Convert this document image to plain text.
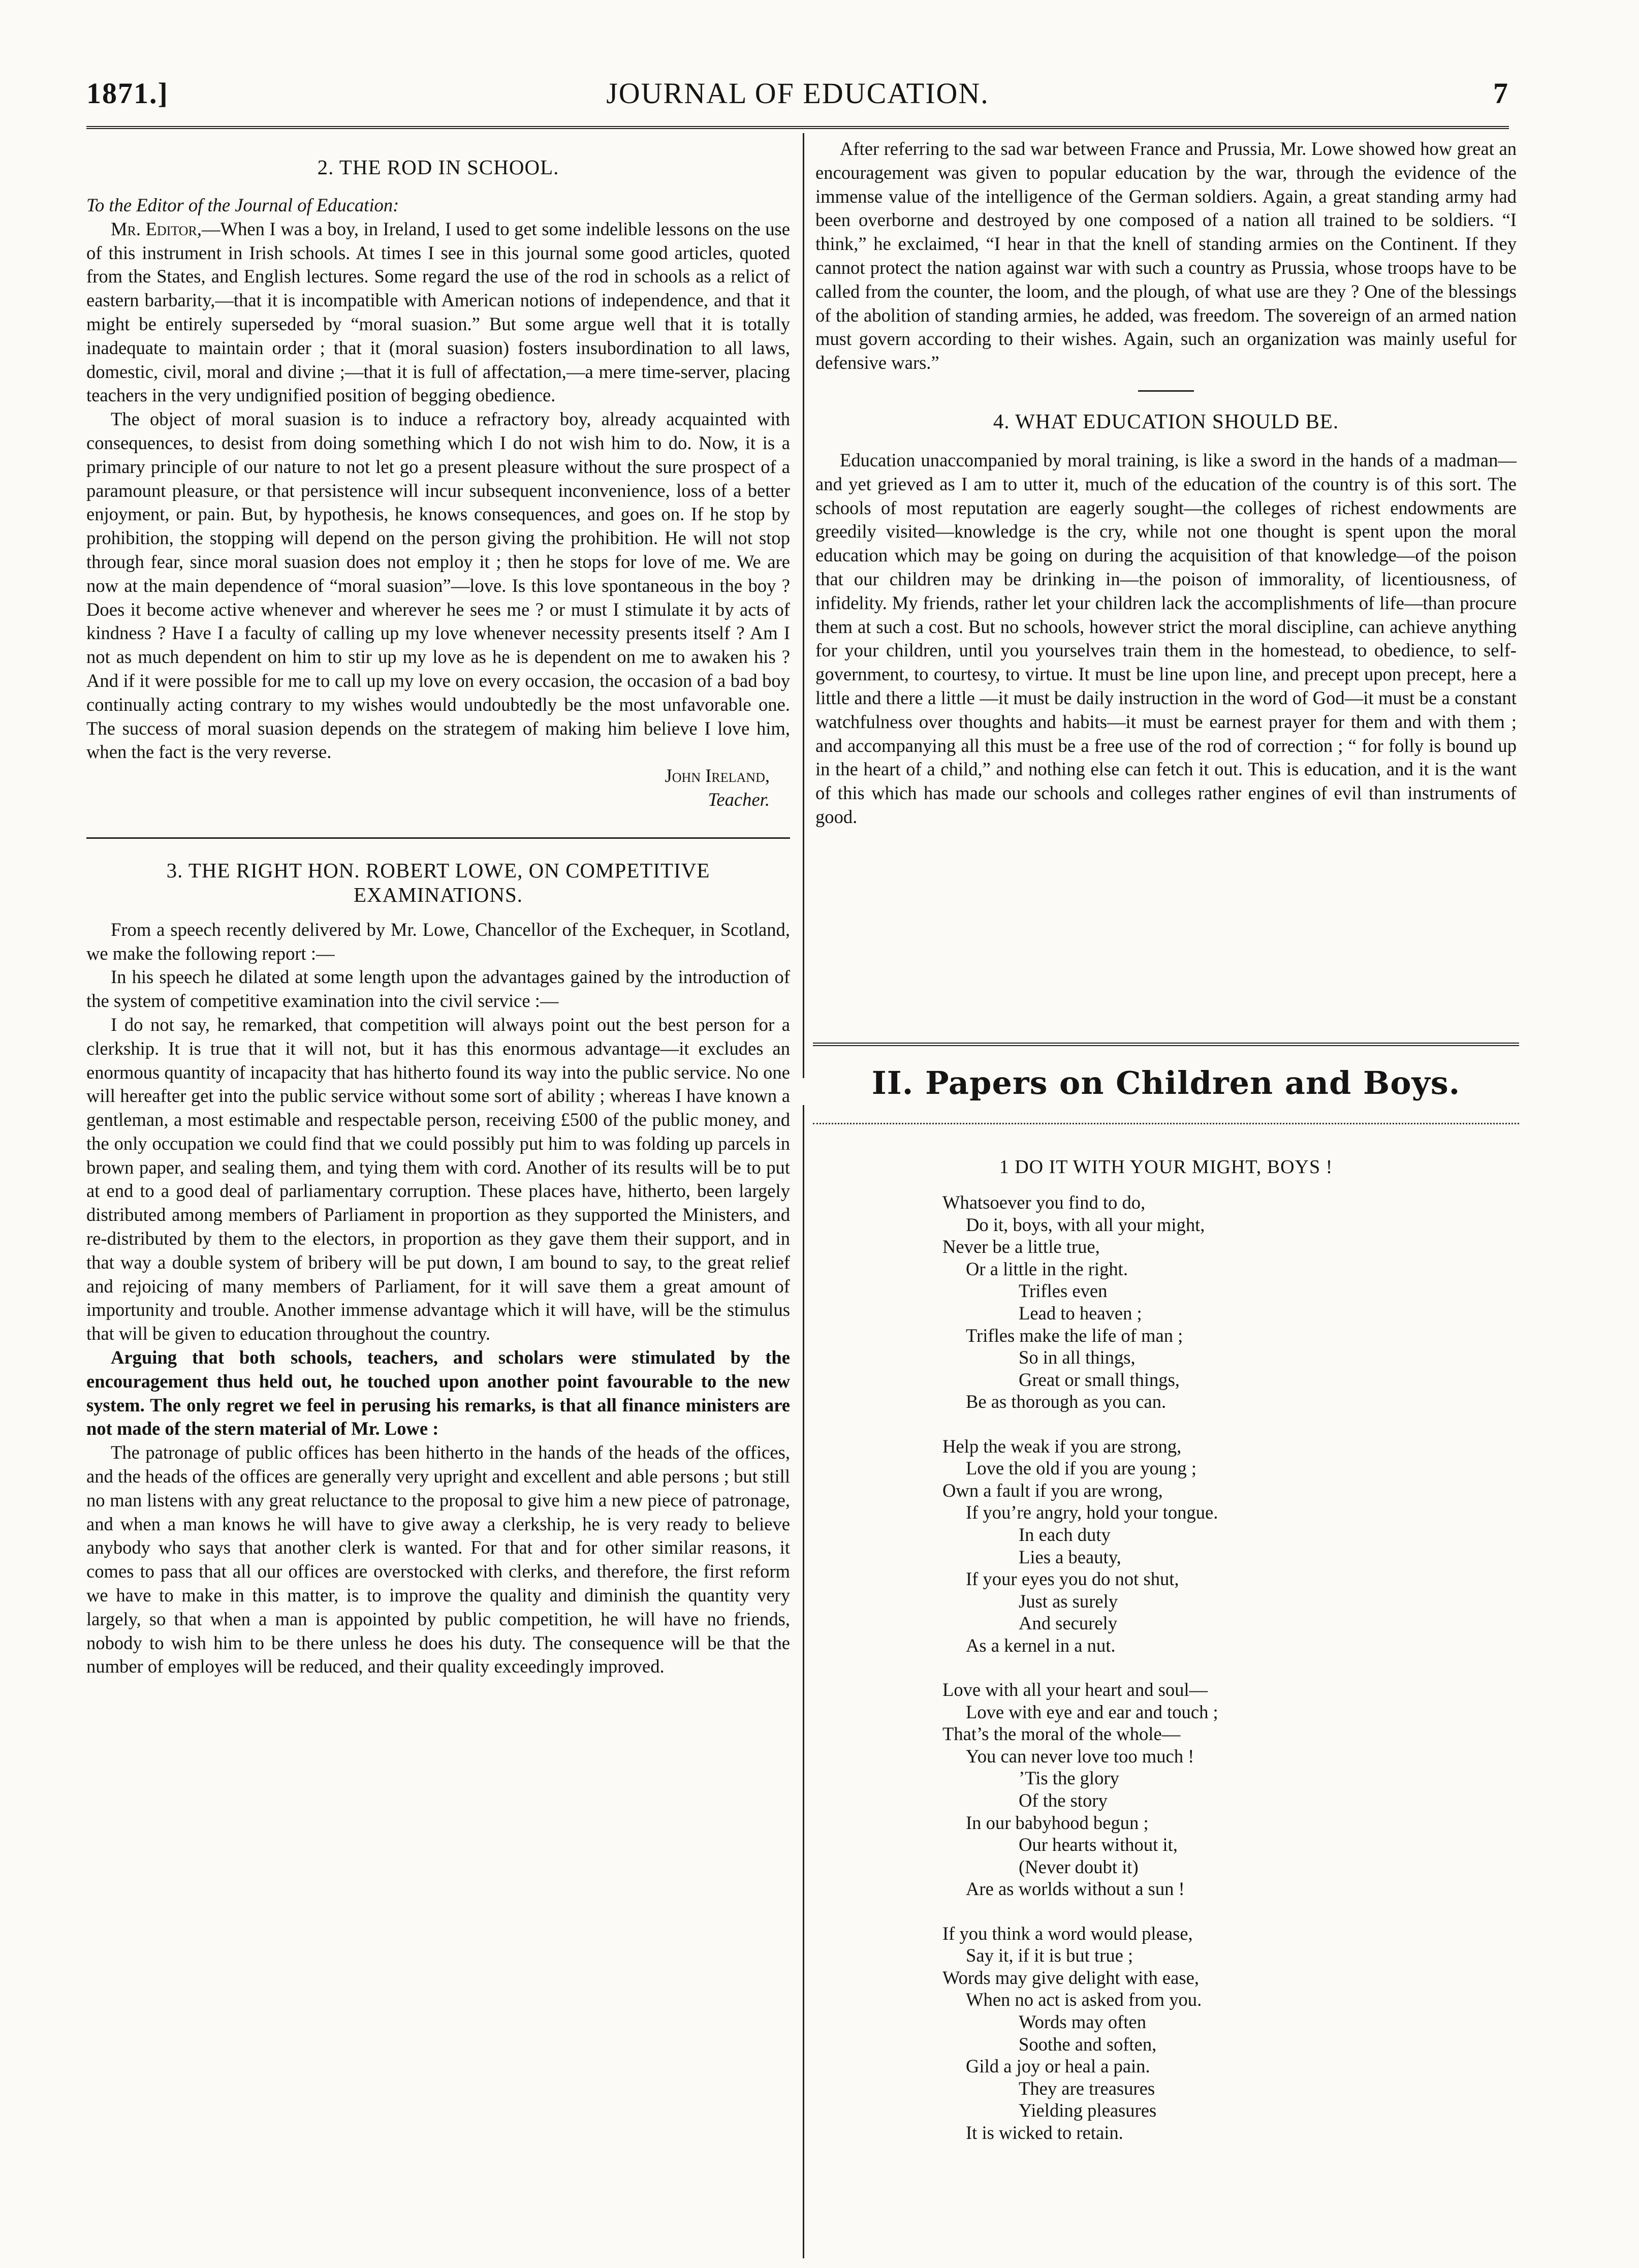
1871.]	JOURNAL OF EDUCATION.	7
2. THE ROD IN SCHOOL.

To the Editor of the Journal of Education:

Mr. Editor,—When I was a boy, in Ireland, I used to get some indelible lessons on the use of this instrument in Irish schools. At times I see in this journal some good articles, quoted from the States, and English lectures. Some regard the use of the rod in schools as a relict of eastern barbarity,—that it is incompatible with American notions of independence, and that it might be entirely superseded by “moral suasion.” But some argue well that it is totally inadequate to maintain order ; that it (moral suasion) fosters insubordination to all laws, domestic, civil, moral and divine ;—that it is full of affectation,—a mere time-server, placing teachers in the very undignified position of begging obedience.

The object of moral suasion is to induce a refractory boy, already acquainted with consequences, to desist from doing something which I do not wish him to do. Now, it is a primary principle of our nature to not let go a present pleasure without the sure prospect of a paramount pleasure, or that persistence will incur subsequent inconvenience, loss of a better enjoyment, or pain. But, by hypothesis, he knows consequences, and goes on. If he stop by prohibition, the stopping will depend on the person giving the prohibition. He will not stop through fear, since moral suasion does not employ it ; then he stops for love of me. We are now at the main dependence of “moral suasion”—love. Is this love spontaneous in the boy ? Does it become active whenever and wherever he sees me ? or must I stimulate it by acts of kindness ? Have I a faculty of calling up my love whenever necessity presents itself ? Am I not as much dependent on him to stir up my love as he is dependent on me to awaken his ? And if it were possible for me to call up my love on every occasion, the occasion of a bad boy continually acting contrary to my wishes would undoubtedly be the most unfavorable one. The success of moral suasion depends on the strategem of making him believe I love him, when the fact is the very reverse.

John Ireland,

Teacher.

3. THE RIGHT HON. ROBERT LOWE, ON COMPETITIVE EXAMINATIONS.

From a speech recently delivered by Mr. Lowe, Chancellor of the Exchequer, in Scotland, we make the following report :—

In his speech he dilated at some length upon the advantages gained by the introduction of the system of competitive examination into the civil service :—

I do not say, he remarked, that competition will always point out the best person for a clerkship. It is true that it will not, but it has this enormous advantage—it excludes an enormous quantity of incapacity that has hitherto found its way into the public service. No one will hereafter get into the public service without some sort of ability ; whereas I have known a gentleman, a most estimable and respectable person, receiving £500 of the public money, and the only occupation we could find that we could possibly put him to was folding up parcels in brown paper, and sealing them, and tying them with cord. Another of its results will be to put at end to a good deal of parliamentary corruption. These places have, hitherto, been largely distributed among members of Parliament in proportion as they supported the Ministers, and re-distributed by them to the electors, in proportion as they gave them their support, and in that way a double system of bribery will be put down, I am bound to say, to the great relief and rejoicing of many members of Parliament, for it will save them a great amount of importunity and trouble. Another immense advantage which it will have, will be the stimulus that will be given to education throughout the country.

Arguing that both schools, teachers, and scholars were stimulated by the encouragement thus held out, he touched upon another point favourable to the new system. The only regret we feel in perusing his remarks, is that all finance ministers are not made of the stern material of Mr. Lowe :

The patronage of public offices has been hitherto in the hands of the heads of the offices, and the heads of the offices are generally very upright and excellent and able persons ; but still no man listens with any great reluctance to the proposal to give him a new piece of patronage, and when a man knows he will have to give away a clerkship, he is very ready to believe anybody who says that another clerk is wanted. For that and for other similar reasons, it comes to pass that all our offices are overstocked with clerks, and therefore, the first reform we have to make in this matter, is to improve the quality and diminish the quantity very largely, so that when a man is appointed by public competition, he will have no friends, nobody to wish him to be there unless he does his duty. The consequence will be that the number of employes will be reduced, and their quality exceedingly improved.

After referring to the sad war between France and Prussia, Mr. Lowe showed how great an encouragement was given to popular education by the war, through the evidence of the immense value of the intelligence of the German soldiers. Again, a great standing army had been overborne and destroyed by one composed of a nation all trained to be soldiers. “I think,” he exclaimed, “I hear in that the knell of standing armies on the Continent. If they cannot protect the nation against war with such a country as Prussia, whose troops have to be called from the counter, the loom, and the plough, of what use are they ? One of the blessings of the abolition of standing armies, he added, was freedom. The sovereign of an armed nation must govern according to their wishes. Again, such an organization was mainly useful for defensive wars.”

4. WHAT EDUCATION SHOULD BE.

Education unaccompanied by moral training, is like a sword in the hands of a madman—and yet grieved as I am to utter it, much of the education of the country is of this sort. The schools of most reputation are eagerly sought—the colleges of richest endowments are greedily visited—knowledge is the cry, while not one thought is spent upon the moral education which may be going on during the acquisition of that knowledge—of the poison that our children may be drinking in—the poison of immorality, of licentiousness, of infidelity. My friends, rather let your children lack the accomplishments of life—than procure them at such a cost. But no schools, however strict the moral discipline, can achieve anything for your children, until you yourselves train them in the homestead, to obedience, to self-government, to courtesy, to virtue. It must be line upon line, and precept upon precept, here a little and there a little —it must be daily instruction in the word of God—it must be a constant watchfulness over thoughts and habits—it must be earnest prayer for them and with them ; and accompanying all this must be a free use of the rod of correction ; “ for folly is bound up in the heart of a child,” and nothing else can fetch it out. This is education, and it is the want of this which has made our schools and colleges rather engines of evil than instruments of good.

II. Papers on Children and Boys.
1 DO IT WITH YOUR MIGHT, BOYS !
Whatsoever you find to do,
Do it, boys, with all your might,
Never be a little true,
Or a little in the right.
Trifles even
Lead to heaven ;
Trifles make the life of man ;
So in all things,
Great or small things,
Be as thorough as you can.
Help the weak if you are strong,
Love the old if you are young ;
Own a fault if you are wrong,
If you’re angry, hold your tongue.
In each duty
Lies a beauty,
If your eyes you do not shut,
Just as surely
And securely
As a kernel in a nut.
Love with all your heart and soul—
Love with eye and ear and touch ;
That’s the moral of the whole—
You can never love too much !
’Tis the glory
Of the story
In our babyhood begun ;
Our hearts without it,
(Never doubt it)
Are as worlds without a sun !
If you think a word would please,
Say it, if it is but true ;
Words may give delight with ease,
When no act is asked from you.
Words may often
Soothe and soften,
Gild a joy or heal a pain.
They are treasures
Yielding pleasures
It is wicked to retain.
